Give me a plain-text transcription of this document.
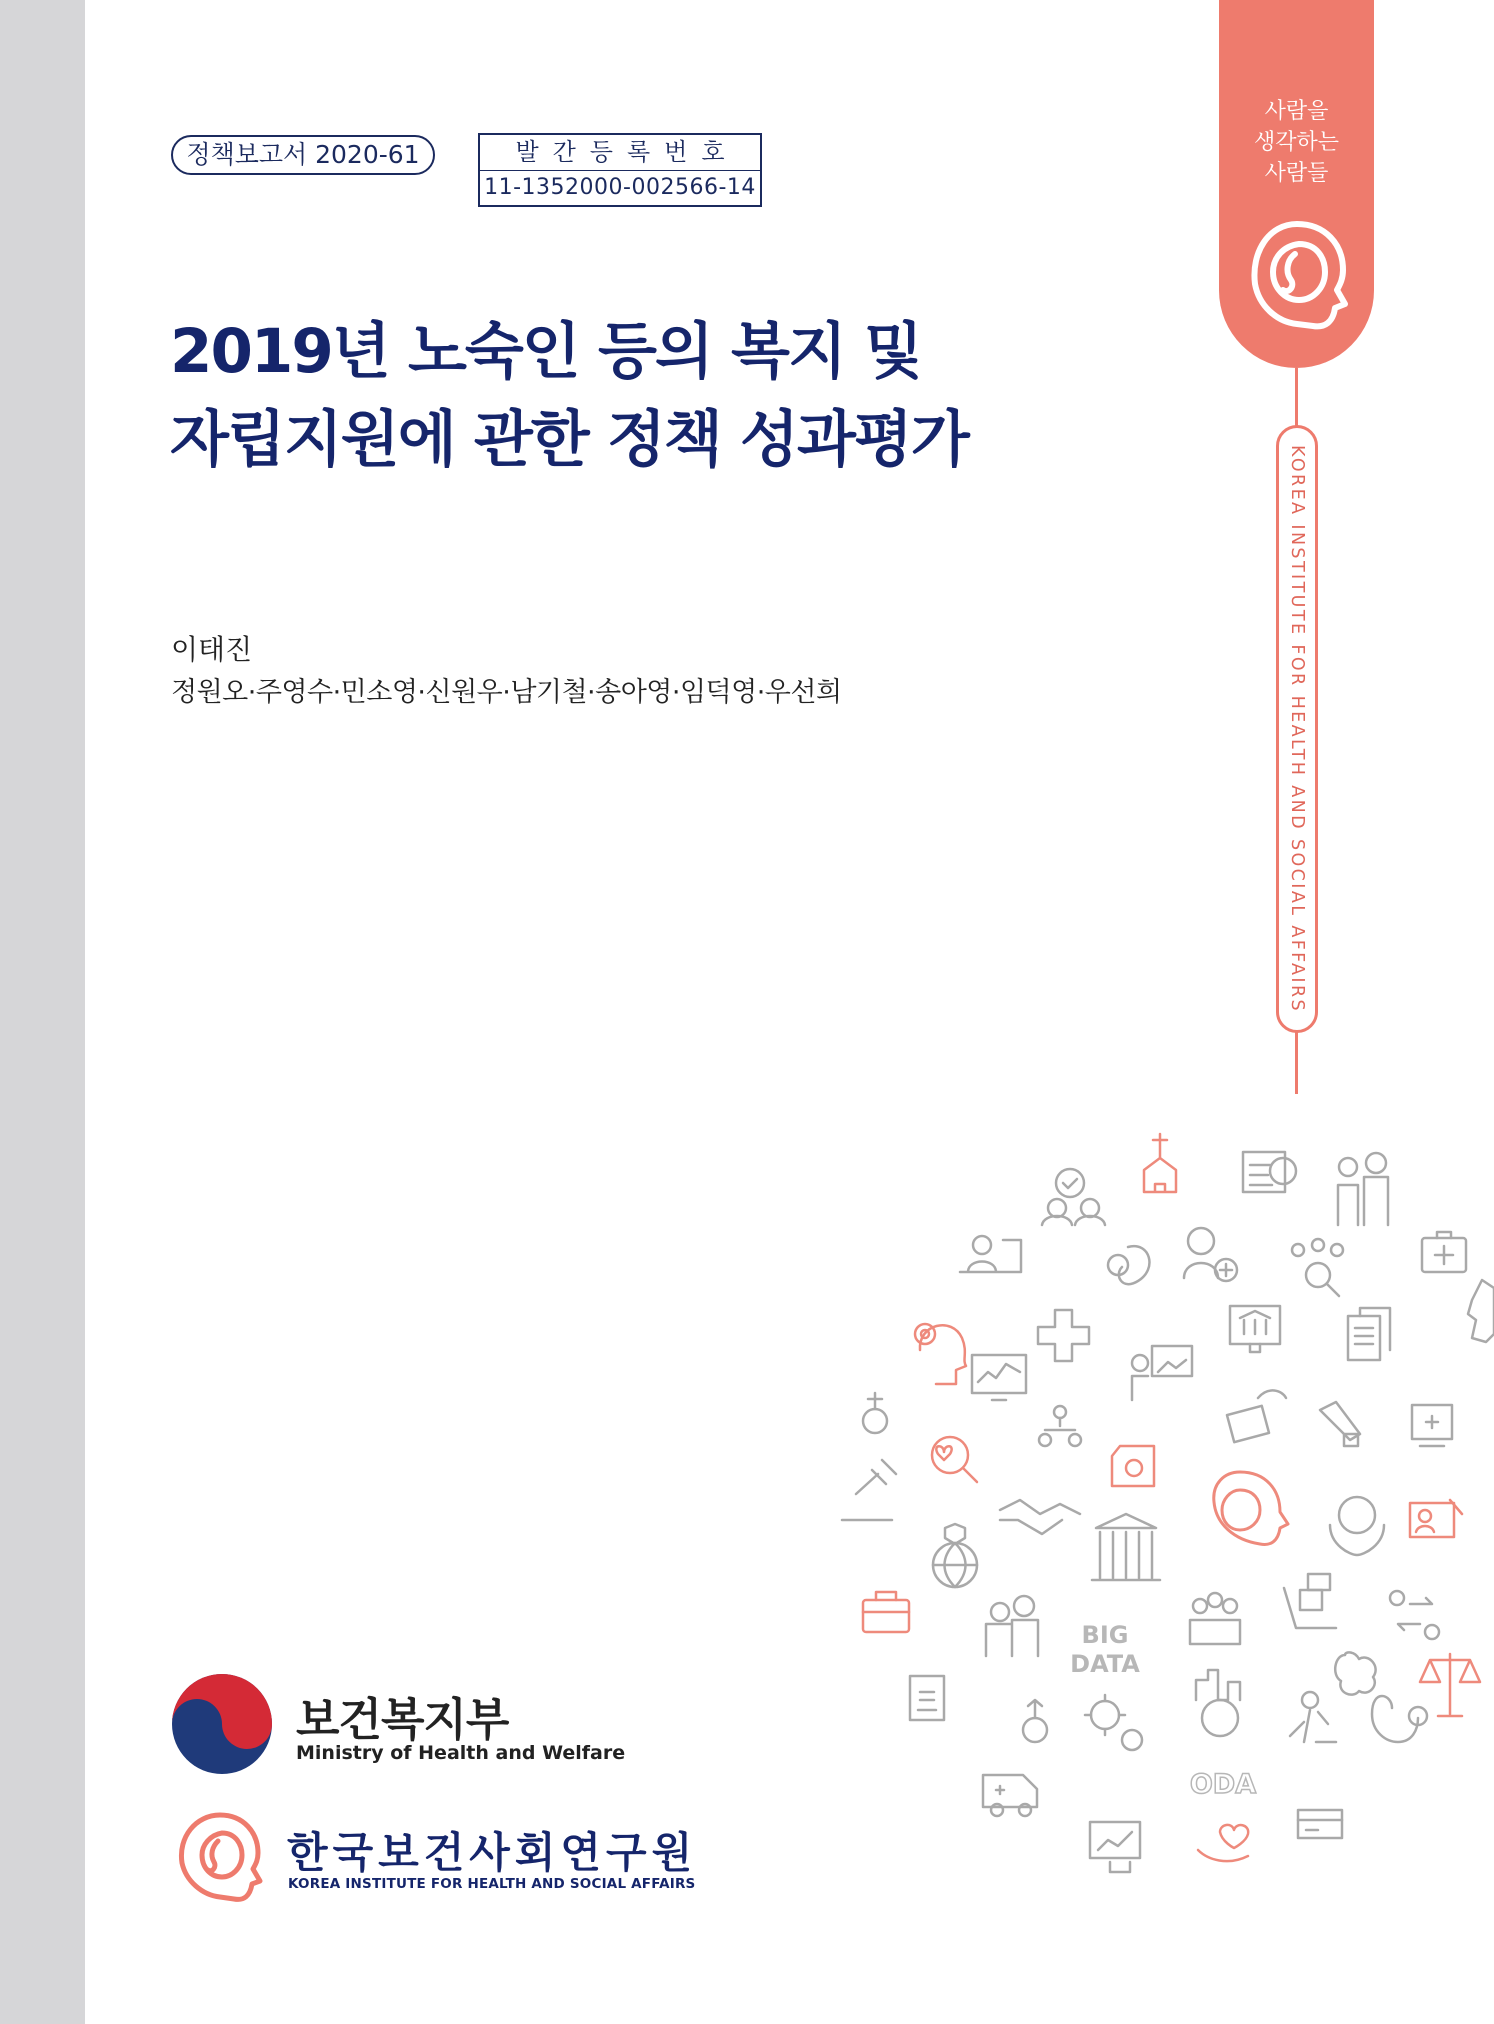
정책보고서 2020-61	발간등록번호
11-1352000-002566-14
2019년 노숙인 등의 복지 및
자립지원에 관한 정책 성과평가
이태진
정원오·주영수·민소영·신원우·남기철·송아영·임덕영·우선희
사람을
생각하는
사람들
KOREA INSTITUTE FOR HEALTH AND SOCIAL AFFAIRS
BIG
DATA
ODA
보건복지부
Ministry of Health and Welfare
한국보건사회연구원
KOREA INSTITUTE FOR HEALTH AND SOCIAL AFFAIRS
